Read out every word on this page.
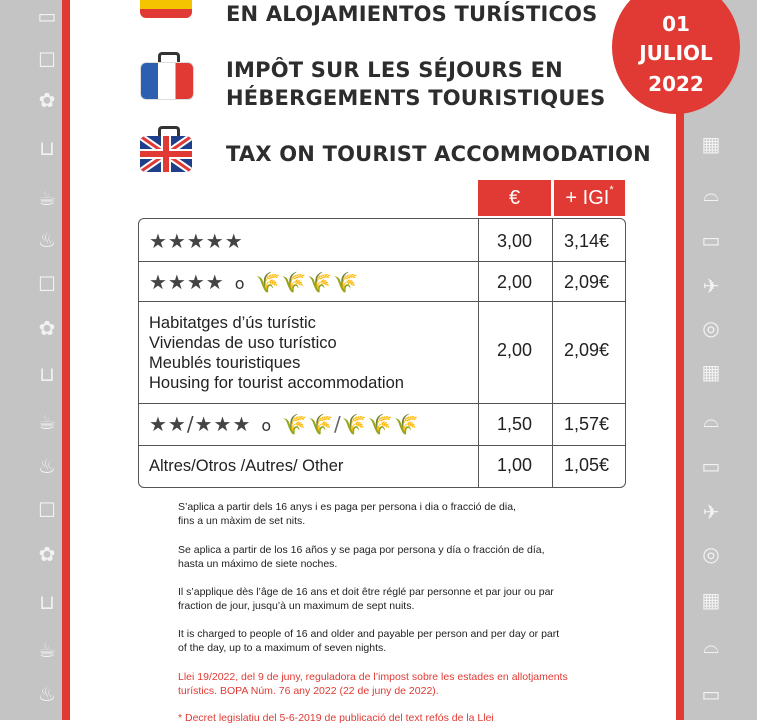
▭
☐
✿
⊔
☕
♨
☐
✿
⊔
☕
♨
☐
✿
⊔
☕
♨
▦
⌓
▭
✈
◎
▦
⌓
▭
✈
◎
▦
⌓
▭
EN ALOJAMIENTOS TURÍSTICOS
IMPÔT SUR LES SÉJOURS EN
HÉBERGEMENTS TOURISTIQUES
TAX ON TOURIST ACCOMMODATION
01
JULIOL
2022
€ + IGI*
★★★★★	3,00 3,14€
★★★★ o 🌾🌾🌾🌾	2,00 2,09€
Habitatges d’ús turístic
Viviendas de uso turístico
Meublés touristiques
Housing for tourist accommodation
2,00 2,09€
★★/★★★ o 🌾🌾/🌾🌾🌾	1,50 1,57€
Altres/Otros /Autres/ Other	1,00 1,05€
S’aplica a partir dels 16 anys i es paga per persona i dia o fracció de dia,
fins a un màxim de set nits.
Se aplica a partir de los 16 años y se paga por persona y día o fracción de día,
hasta un máximo de siete noches.
Il s’applique dès l’âge de 16 ans et doit être réglé par personne et par jour ou par
fraction de jour, jusqu’à un maximum de sept nuits.
It is charged to people of 16 and older and payable per person and per day or part
of the day, up to a maximum of seven nights.
Llei 19/2022, del 9 de juny, reguladora de l’impost sobre les estades en allotjaments
turístics. BOPA Núm. 76 any 2022 (22 de juny de 2022).
* Decret legislatiu del 5-6-2019 de publicació del text refós de la Llei
